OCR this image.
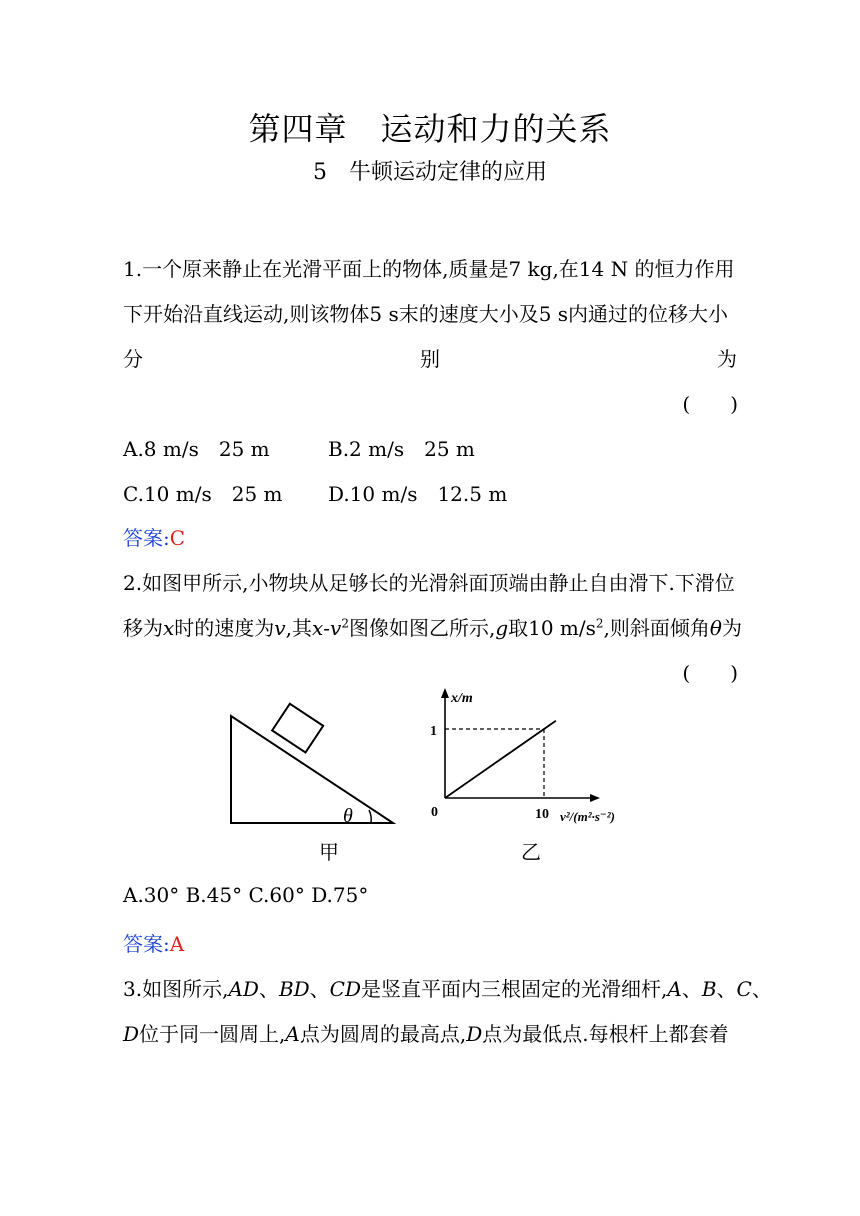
第四章　运动和力的关系
5　牛顿运动定律的应用
1.一个原来静止在光滑平面上的物体,质量是7 kg,在14 N 的恒力作用
下开始沿直线运动,则该物体5 s末的速度大小及5 s内通过的位移大小
分	别	为
(　　)
A.8 m/s　25 m	B.2 m/s　25 m
C.10 m/s　25 m D.10 m/s　12.5 m
答案:C
2.如图甲所示,小物块从足够长的光滑斜面顶端由静止自由滑下.下滑位
移为x时的速度为v,其$x-v^2$图像如图乙所示,g取10 $m/s^2$,则斜面倾角θ为
(　　)
θ
甲
x/m
0
1
10 v²/(m²·s⁻²)
乙
A.30° B.45° C.60° D.75°
答案:A
3.如图所示,AD、BD、CD是竖直平面内三根固定的光滑细杆,A、B、C、
D位于同一圆周上,A点为圆周的最高点,D点为最低点.每根杆上都套着
